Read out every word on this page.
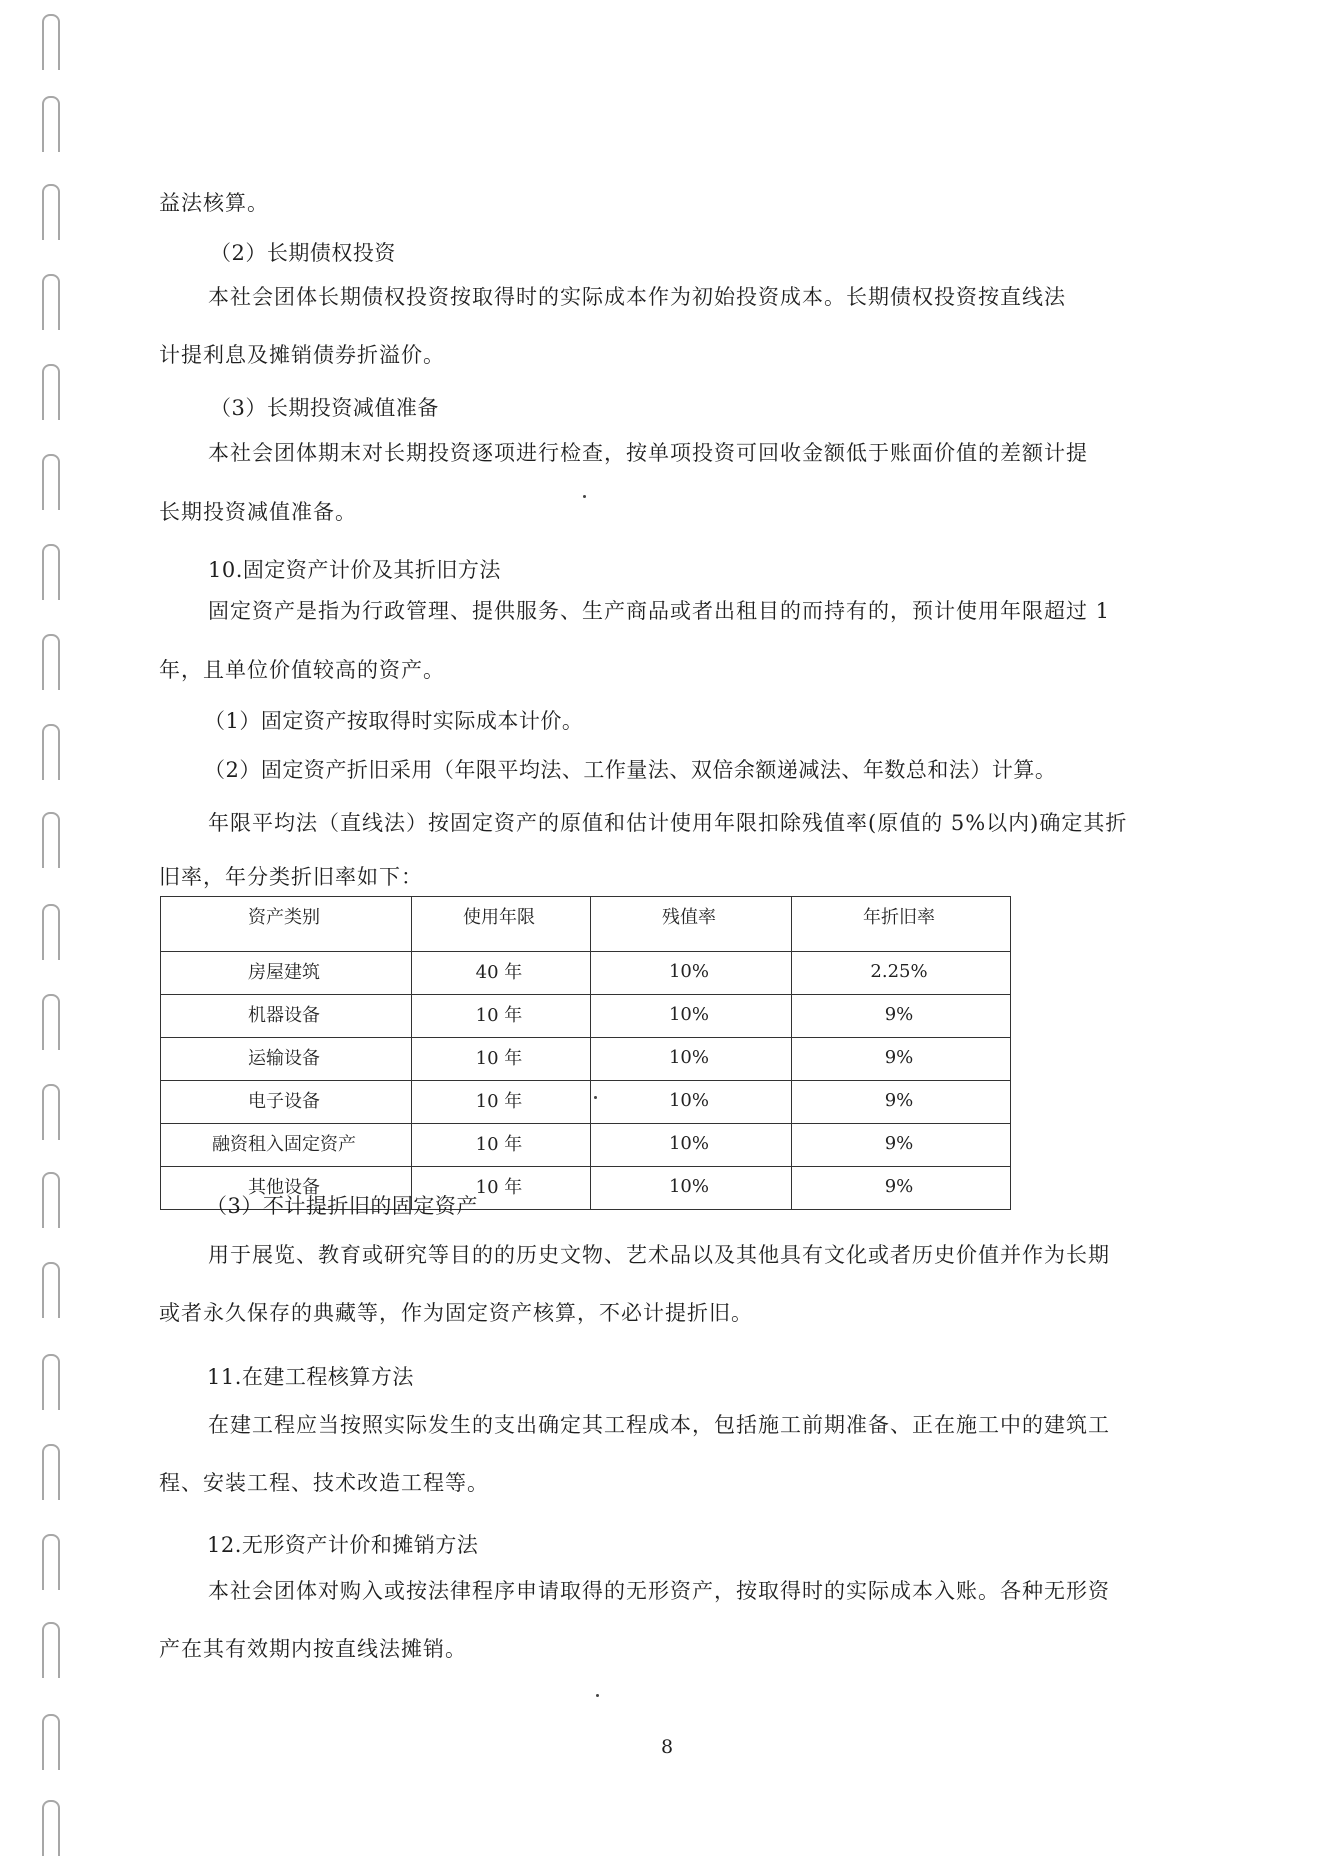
益法核算。
（2）长期债权投资
本社会团体长期债权投资按取得时的实际成本作为初始投资成本。长期债权投资按直线法
计提利息及摊销债券折溢价。
（3）长期投资减值准备
本社会团体期末对长期投资逐项进行检查，按单项投资可回收金额低于账面价值的差额计提
长期投资减值准备。
10.固定资产计价及其折旧方法
固定资产是指为行政管理、提供服务、生产商品或者出租目的而持有的，预计使用年限超过 1
年，且单位价值较高的资产。
（1）固定资产按取得时实际成本计价。
（2）固定资产折旧采用（年限平均法、工作量法、双倍余额递减法、年数总和法）计算。
年限平均法（直线法）按固定资产的原值和估计使用年限扣除残值率(原值的 5%以内)确定其折
旧率，年分类折旧率如下：
资产类别	使用年限	残值率	年折旧率
房屋建筑	40 年	10%	2.25%
机器设备	10 年	10%	9%
运输设备	10 年	10%	9%
电子设备	10 年	10%	9%
融资租入固定资产	10 年	10%	9%
其他设备	10 年	10%	9%
（3）不计提折旧的固定资产
用于展览、教育或研究等目的的历史文物、艺术品以及其他具有文化或者历史价值并作为长期
或者永久保存的典藏等，作为固定资产核算，不必计提折旧。
11.在建工程核算方法
在建工程应当按照实际发生的支出确定其工程成本，包括施工前期准备、正在施工中的建筑工
程、安装工程、技术改造工程等。
12.无形资产计价和摊销方法
本社会团体对购入或按法律程序申请取得的无形资产，按取得时的实际成本入账。各种无形资
产在其有效期内按直线法摊销。
8
